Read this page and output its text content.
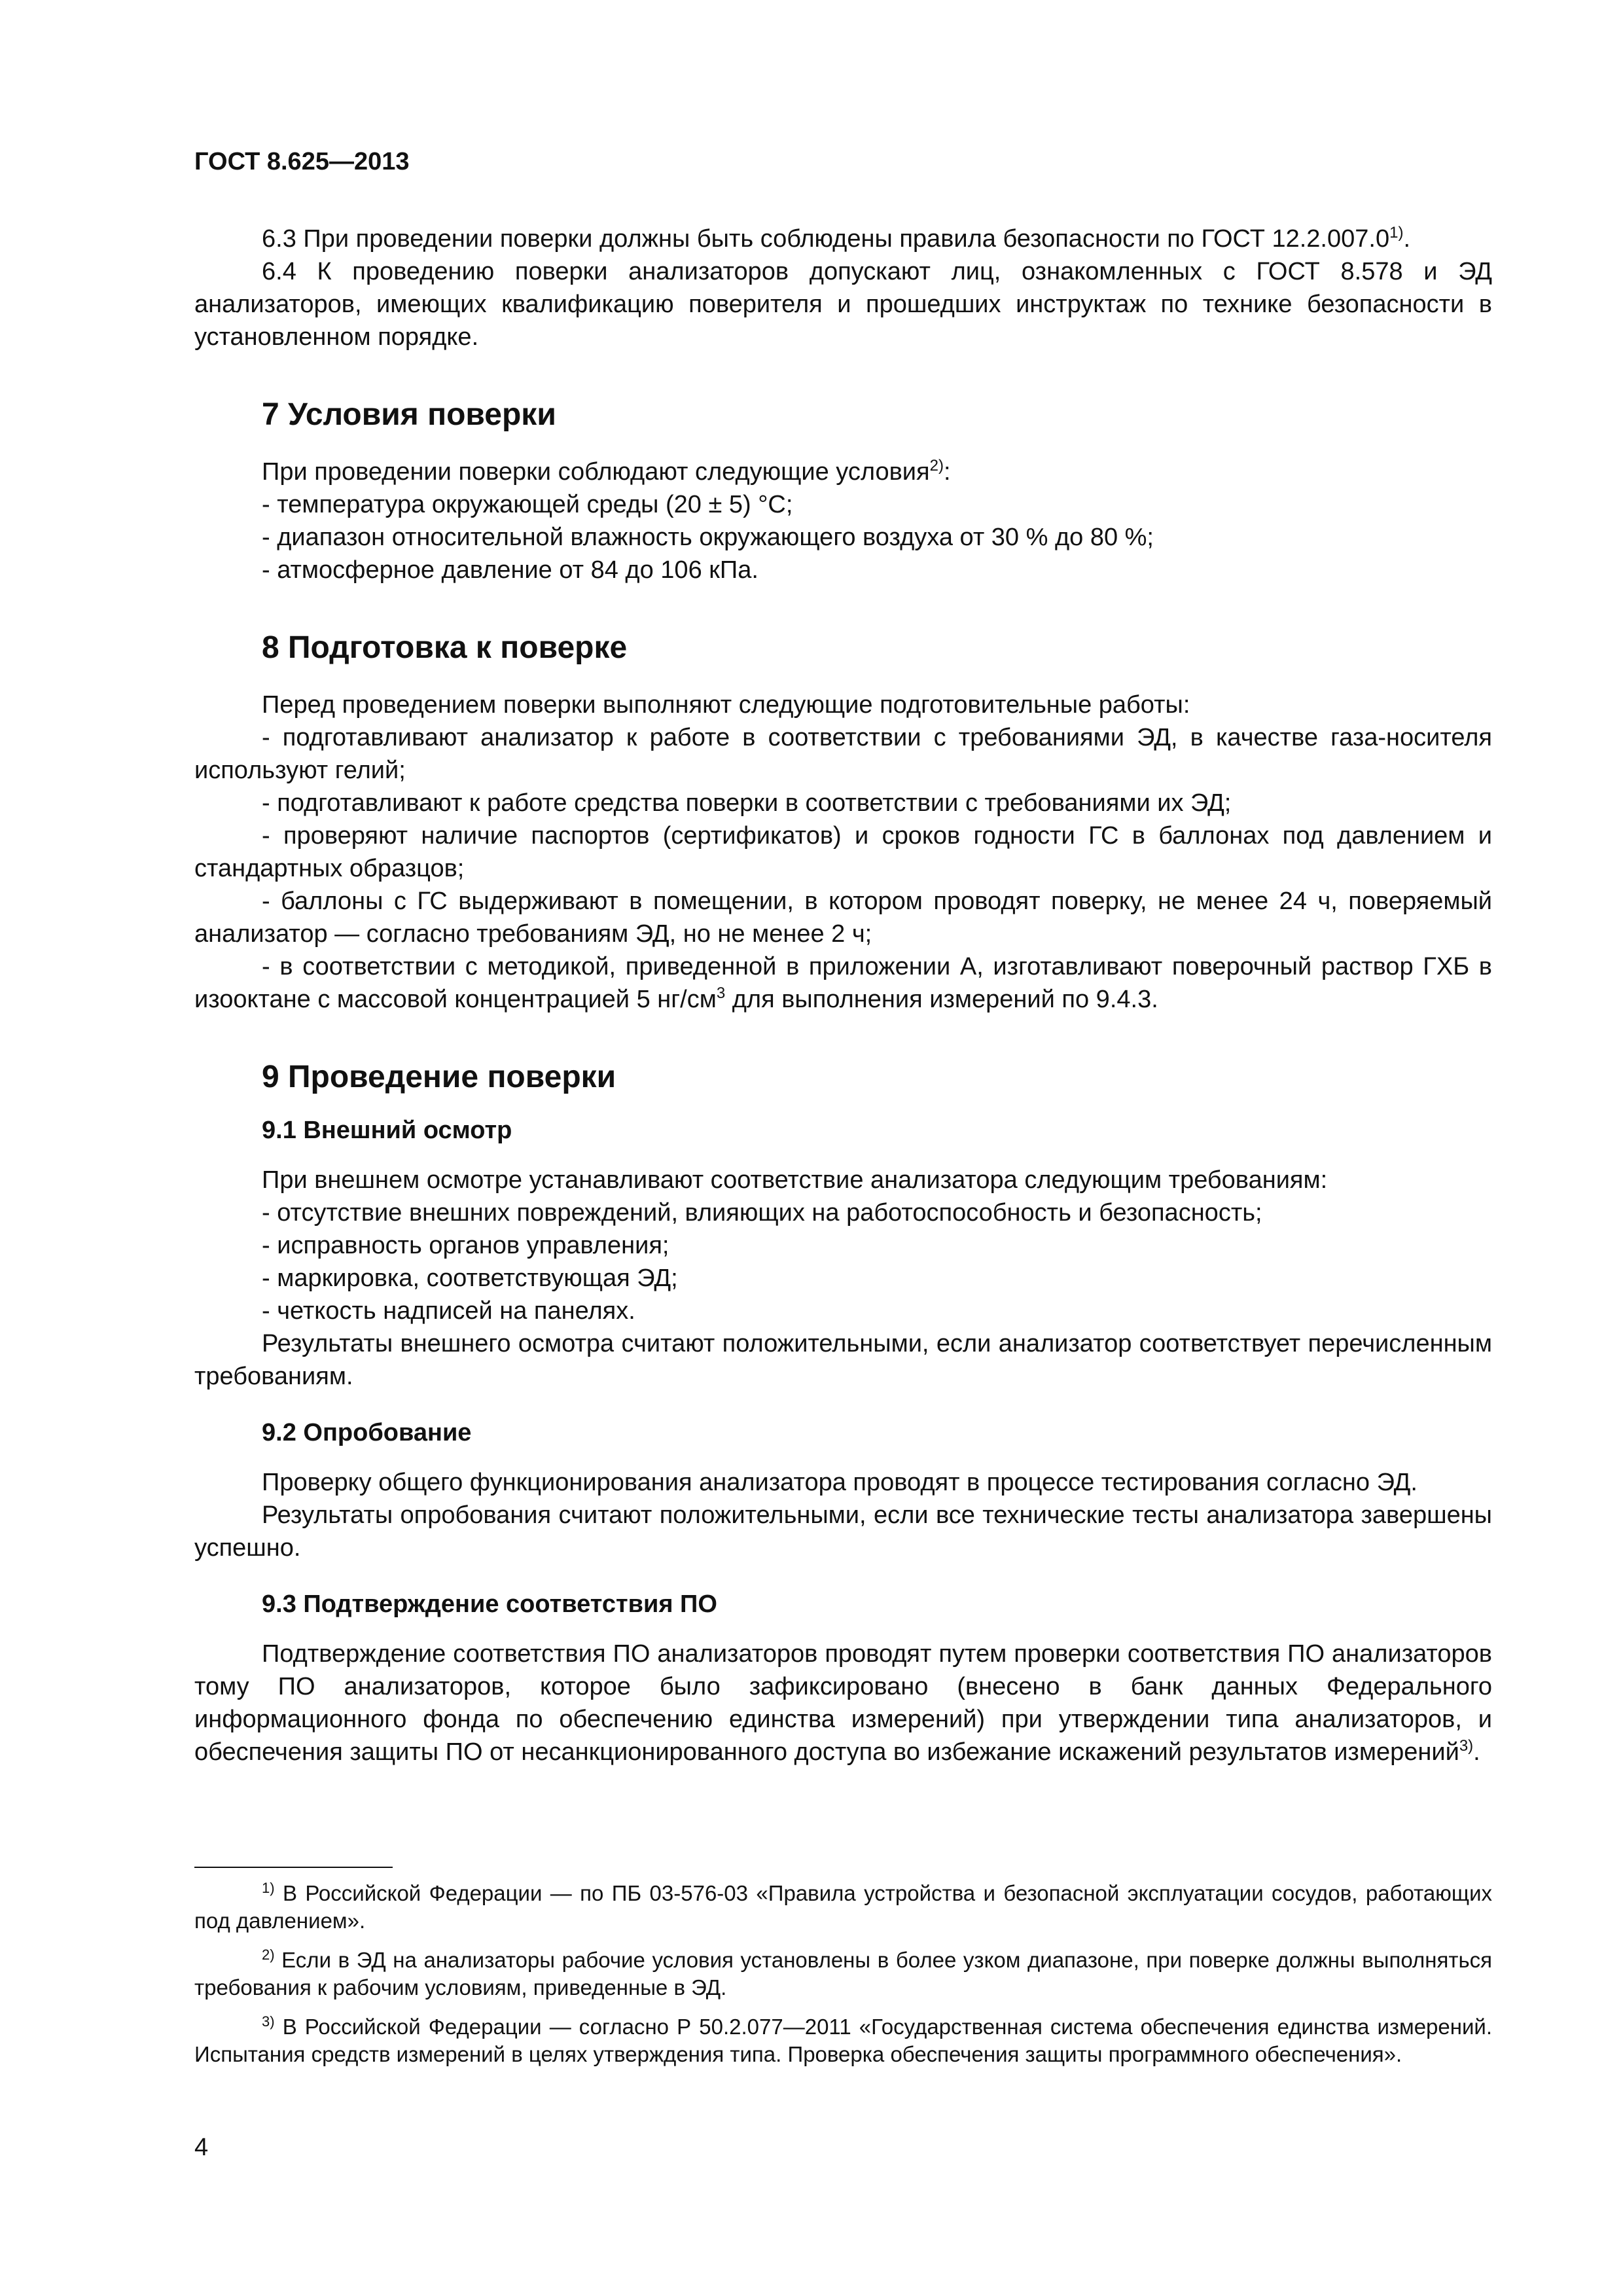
ГОСТ 8.625—2013

6.3 При проведении поверки должны быть соблюдены правила безопасности по ГОСТ 12.2.007.0$^{1)}$.

6.4 К проведению поверки анализаторов допускают лиц, ознакомленных с ГОСТ 8.578 и ЭД анализаторов, имеющих квалификацию поверителя и прошедших инструктаж по технике безопасности в установленном порядке.

7 Условия поверки

При проведении поверки соблюдают следующие условия$^{2)}$:

- температура окружающей среды (20 ± 5) °С;

- диапазон относительной влажность окружающего воздуха от 30 % до 80 %;

- атмосферное давление от 84 до 106 кПа.

8 Подготовка к поверке

Перед проведением поверки выполняют следующие подготовительные работы:

- подготавливают анализатор к работе в соответствии с требованиями ЭД, в качестве газа-носителя используют гелий;

- подготавливают к работе средства поверки в соответствии с требованиями их ЭД;

- проверяют наличие паспортов (сертификатов) и сроков годности ГС в баллонах под давлением и стандартных образцов;

- баллоны с ГС выдерживают в помещении, в котором проводят поверку, не менее 24 ч, поверяемый анализатор — согласно требованиям ЭД, но не менее 2 ч;

- в соответствии с методикой, приведенной в приложении А, изготавливают поверочный раствор ГХБ в изооктане с массовой концентрацией 5 $нг/см^3$ для выполнения измерений по 9.4.3.

9 Проведение поверки
9.1 Внешний осмотр

При внешнем осмотре устанавливают соответствие анализатора следующим требованиям:

- отсутствие внешних повреждений, влияющих на работоспособность и безопасность;

- исправность органов управления;

- маркировка, соответствующая ЭД;

- четкость надписей на панелях.

Результаты внешнего осмотра считают положительными, если анализатор соответствует перечисленным требованиям.

9.2 Опробование

Проверку общего функционирования анализатора проводят в процессе тестирования согласно ЭД.

Результаты опробования считают положительными, если все технические тесты анализатора завершены успешно.

9.3 Подтверждение соответствия ПО

Подтверждение соответствия ПО анализаторов проводят путем проверки соответствия ПО анализаторов тому ПО анализаторов, которое было зафиксировано (внесено в банк данных Федерального информационного фонда по обеспечению единства измерений) при утверждении типа анализаторов, и обеспечения защиты ПО от несанкционированного доступа во избежание искажений результатов измерений$^{3)}$.

$^{1)}$ В Российской Федерации — по ПБ 03-576-03 «Правила устройства и безопасной эксплуатации сосудов, работающих под давлением».

$^{2)}$ Если в ЭД на анализаторы рабочие условия установлены в более узком диапазоне, при поверке должны выполняться требования к рабочим условиям, приведенные в ЭД.

$^{3)}$ В Российской Федерации — согласно Р 50.2.077—2011 «Государственная система обеспечения единства измерений. Испытания средств измерений в целях утверждения типа. Проверка обеспечения защиты программного обеспечения».

4
